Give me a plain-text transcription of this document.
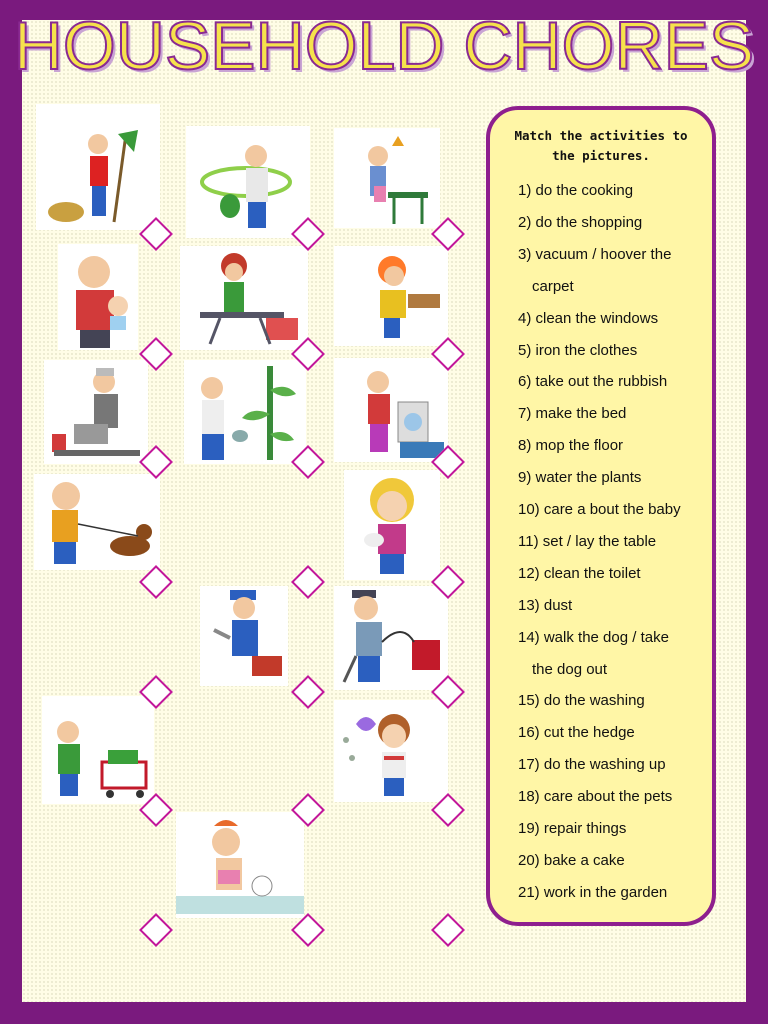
HOUSEHOLD CHORES
Match the activities to
the pictures.
1) do the cooking
2) do the shopping
3) vacuum / hoover the
carpet
4) clean the windows
5) iron the clothes
6) take out the rubbish
7) make the bed
8) mop the floor
9) water the plants
10) care a bout the baby
11) set / lay the table
12) clean the toilet
13) dust
14) walk the dog / take
the dog out
15) do the washing
16) cut the hedge
17) do the washing up
18) care about the pets
19) repair things
20) bake a cake
21) work in the garden
